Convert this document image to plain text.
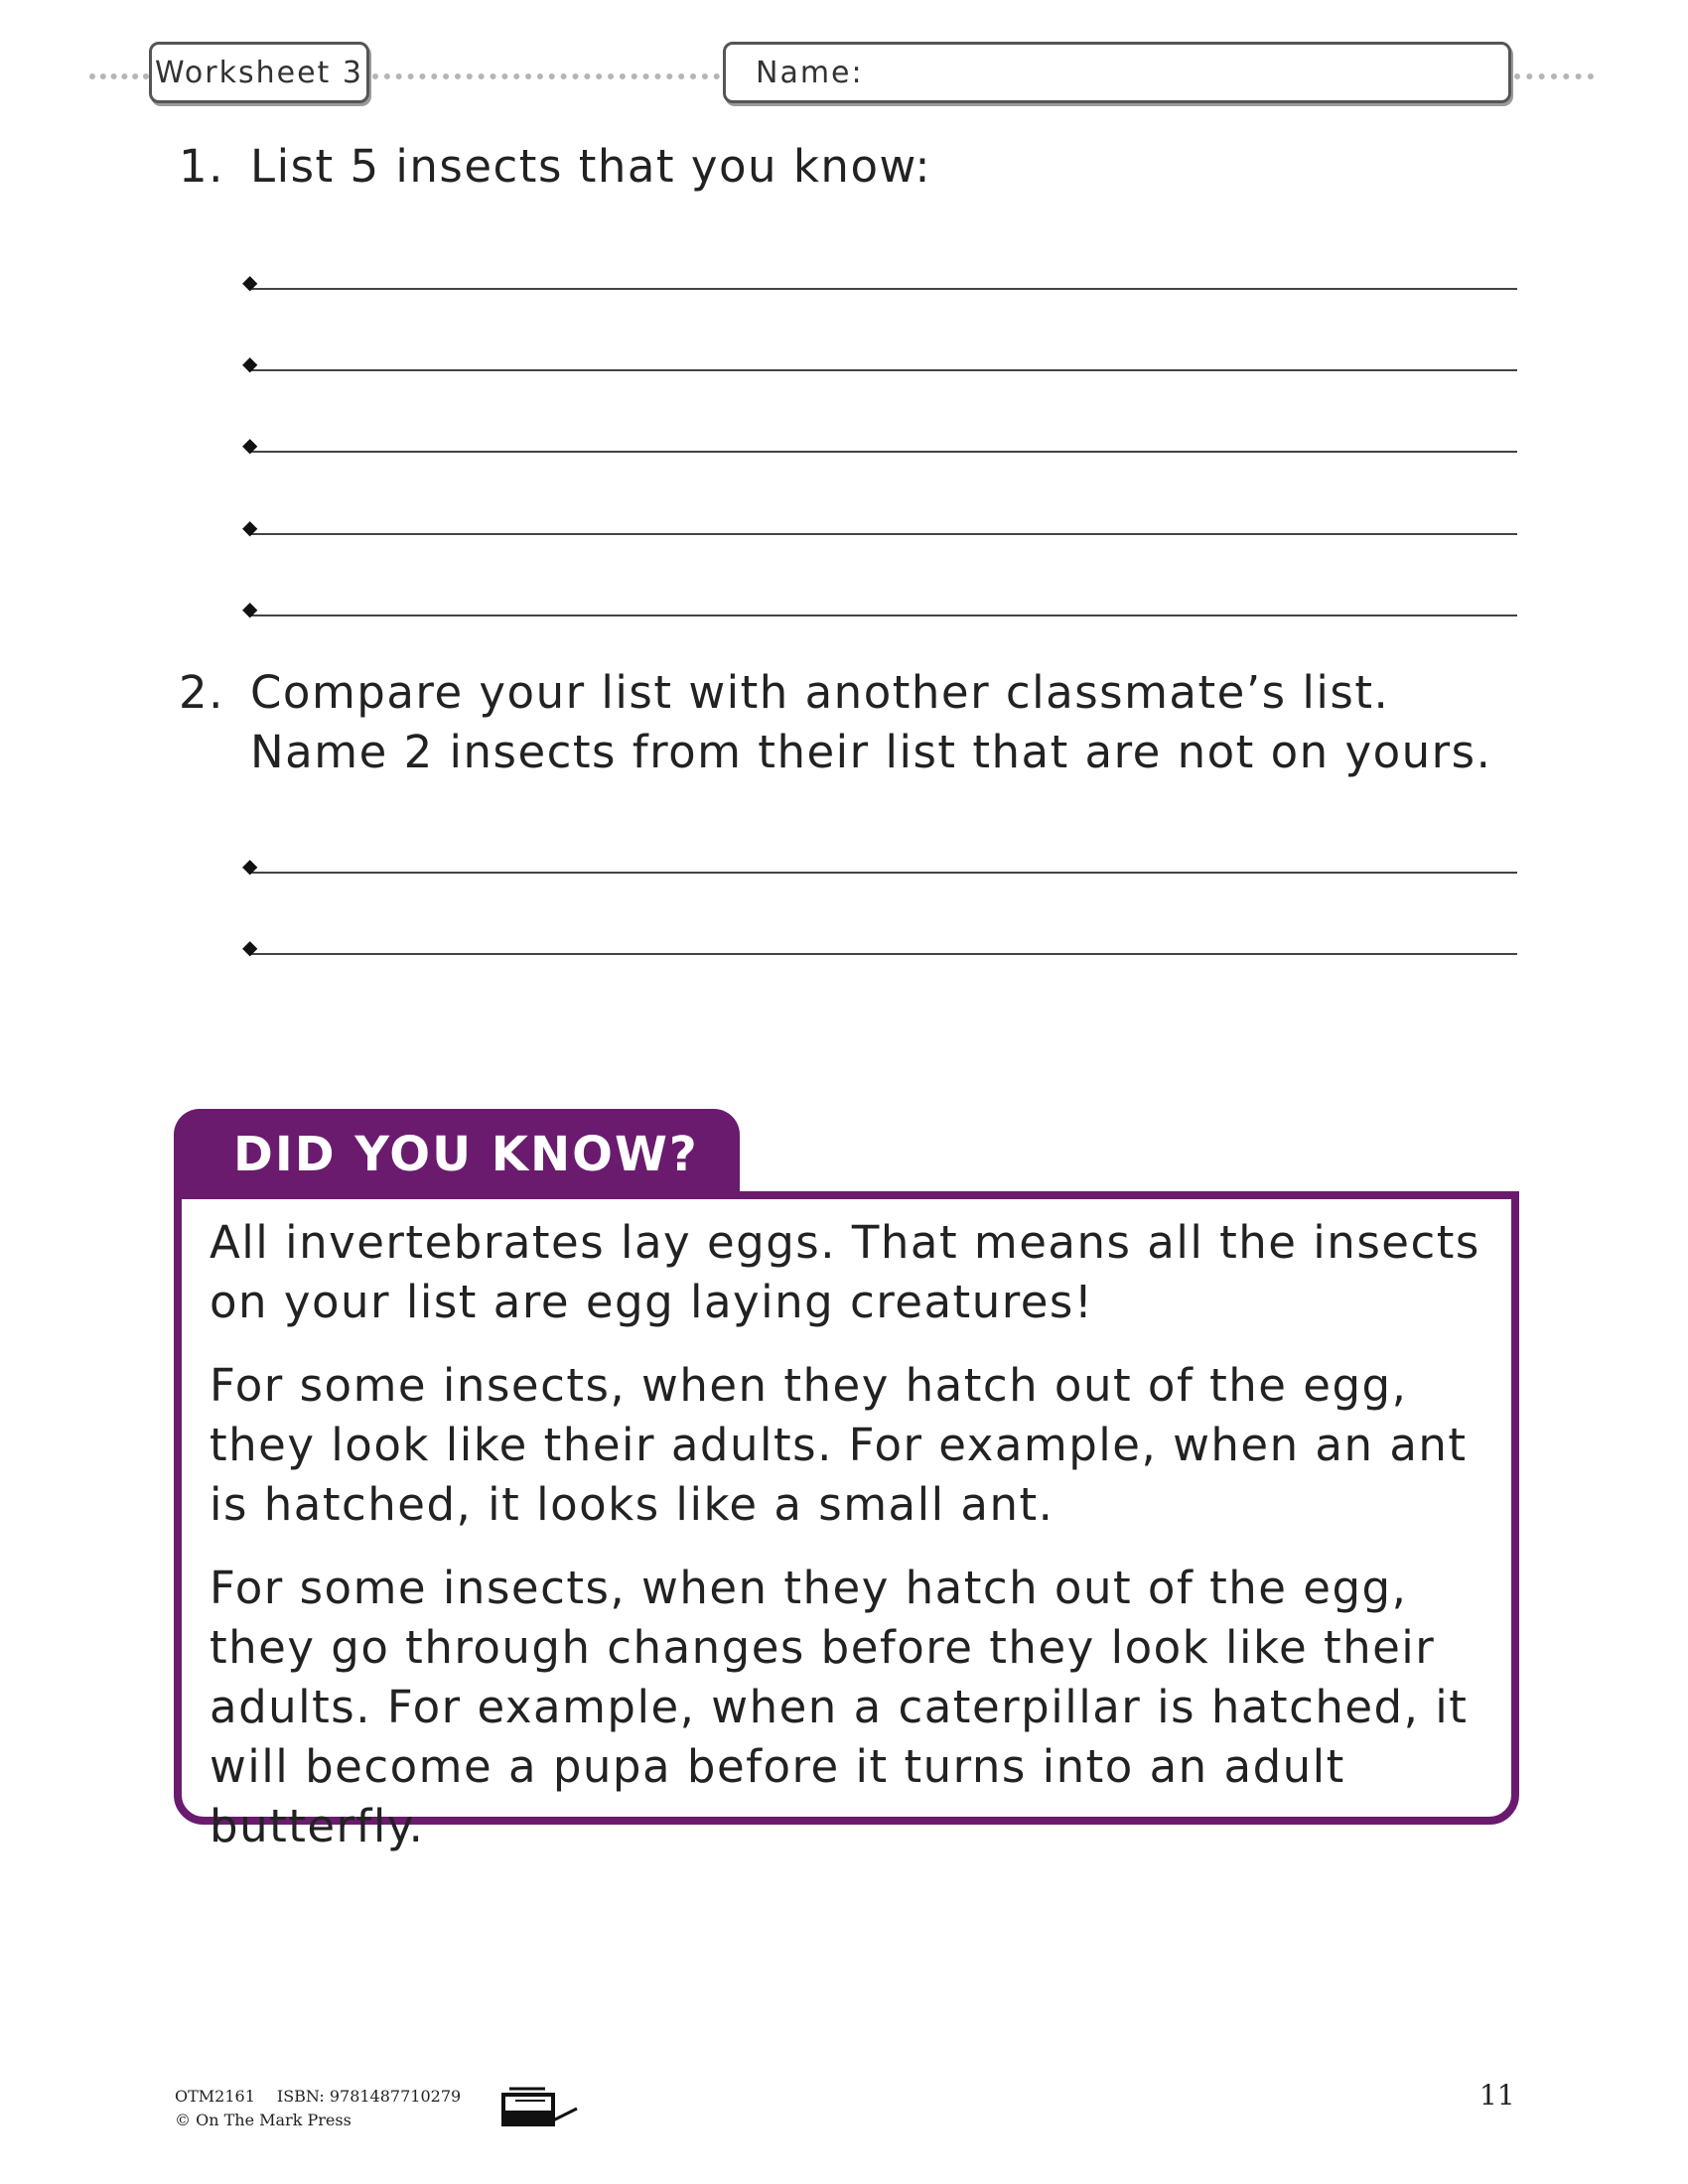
Worksheet 3	Name:
1. List 5 insects that you know:
◆
◆
◆
◆
◆
2. Compare your list with another classmate’s list. Name 2 insects from their list that are not on yours.
◆
◆
DID YOU KNOW?

All invertebrates lay eggs. That means all the insects on your list are egg laying creatures!

For some insects, when they hatch out of the egg, they look like their adults. For example, when an ant is hatched, it looks like a small ant.

For some insects, when they hatch out of the egg, they go through changes before they look like their adults. For example, when a caterpillar is hatched, it will become a pupa before it turns into an adult butterfly.

OTM2161 ISBN: 9781487710279
© On The Mark Press
11
